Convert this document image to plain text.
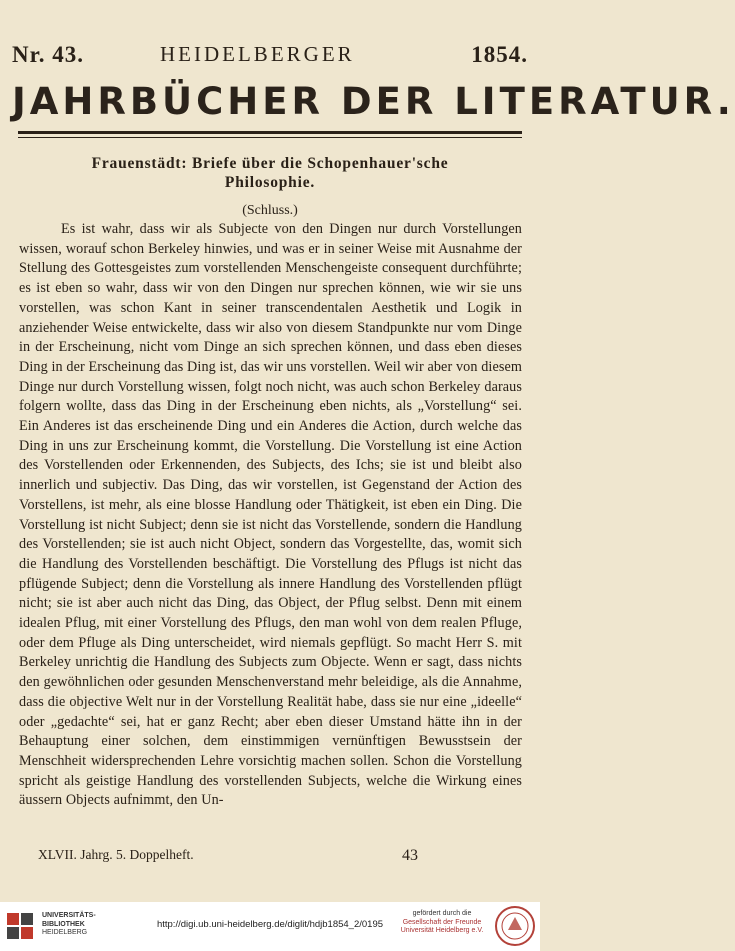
Nr. 43.	HEIDELBERGER	1854.
JAHRBÜCHER DER LITERATUR.
Frauenstädt: Briefe über die Schopenhauer'sche
Philosophie.
(Schluss.)

Es ist wahr, dass wir als Subjecte von den Dingen nur durch Vorstellungen wissen, worauf schon Berkeley hinwies, und was er in seiner Weise mit Ausnahme der Stellung des Gottesgeistes zum vorstellenden Menschengeiste consequent durchführte; es ist eben so wahr, dass wir von den Dingen nur sprechen können, wie wir sie uns vorstellen, was schon Kant in seiner transcendentalen Aesthetik und Logik in anziehender Weise entwickelte, dass wir also von diesem Standpunkte nur vom Dinge in der Erscheinung, nicht vom Dinge an sich sprechen können, und dass eben dieses Ding in der Erscheinung das Ding ist, das wir uns vorstellen. Weil wir aber von diesem Dinge nur durch Vorstellung wissen, folgt noch nicht, was auch schon Berkeley daraus folgern wollte, dass das Ding in der Erscheinung eben nichts, als „Vorstellung“ sei. Ein Anderes ist das erscheinende Ding und ein Anderes die Action, durch welche das Ding in uns zur Erscheinung kommt, die Vorstellung. Die Vorstellung ist eine Action des Vorstellenden oder Erkennenden, des Subjects, des Ichs; sie ist und bleibt also innerlich und subjectiv. Das Ding, das wir vorstellen, ist Gegenstand der Action des Vorstellens, ist mehr, als eine blosse Handlung oder Thätigkeit, ist eben ein Ding. Die Vorstellung ist nicht Subject; denn sie ist nicht das Vorstellende, sondern die Handlung des Vorstellenden; sie ist auch nicht Object, sondern das Vorgestellte, das, womit sich die Handlung des Vorstellenden beschäftigt. Die Vorstellung des Pflugs ist nicht das pflügende Subject; denn die Vorstellung als innere Handlung des Vorstellenden pflügt nicht; sie ist aber auch nicht das Ding, das Object, der Pflug selbst. Denn mit einem idealen Pflug, mit einer Vorstellung des Pflugs, den man wohl von dem realen Pfluge, oder dem Pfluge als Ding unterscheidet, wird niemals gepflügt. So macht Herr S. mit Berkeley unrichtig die Handlung des Subjects zum Objecte. Wenn er sagt, dass nichts den gewöhnlichen oder gesunden Menschenverstand mehr beleidige, als die Annahme, dass die objective Welt nur in der Vorstellung Realität habe, dass sie nur eine „ideelle“ oder „gedachte“ sei, hat er ganz Recht; aber eben dieser Umstand hätte ihn in der Behauptung einer solchen, dem einstimmigen vernünftigen Bewusstsein der Menschheit widersprechenden Lehre vorsichtig machen sollen. Schon die Vorstellung spricht als geistige Handlung des vorstellenden Subjects, welche die Wirkung eines äussern Objects aufnimmt, den Un-

XLVII. Jahrg. 5. Doppelheft.	43
UNIVERSITÄTS-
BIBLIOTHEK
HEIDELBERG
http://digi.ub.uni-heidelberg.de/diglit/hdjb1854_2/0195
gefördert durch die
Gesellschaft der Freunde
Universität Heidelberg e.V.
